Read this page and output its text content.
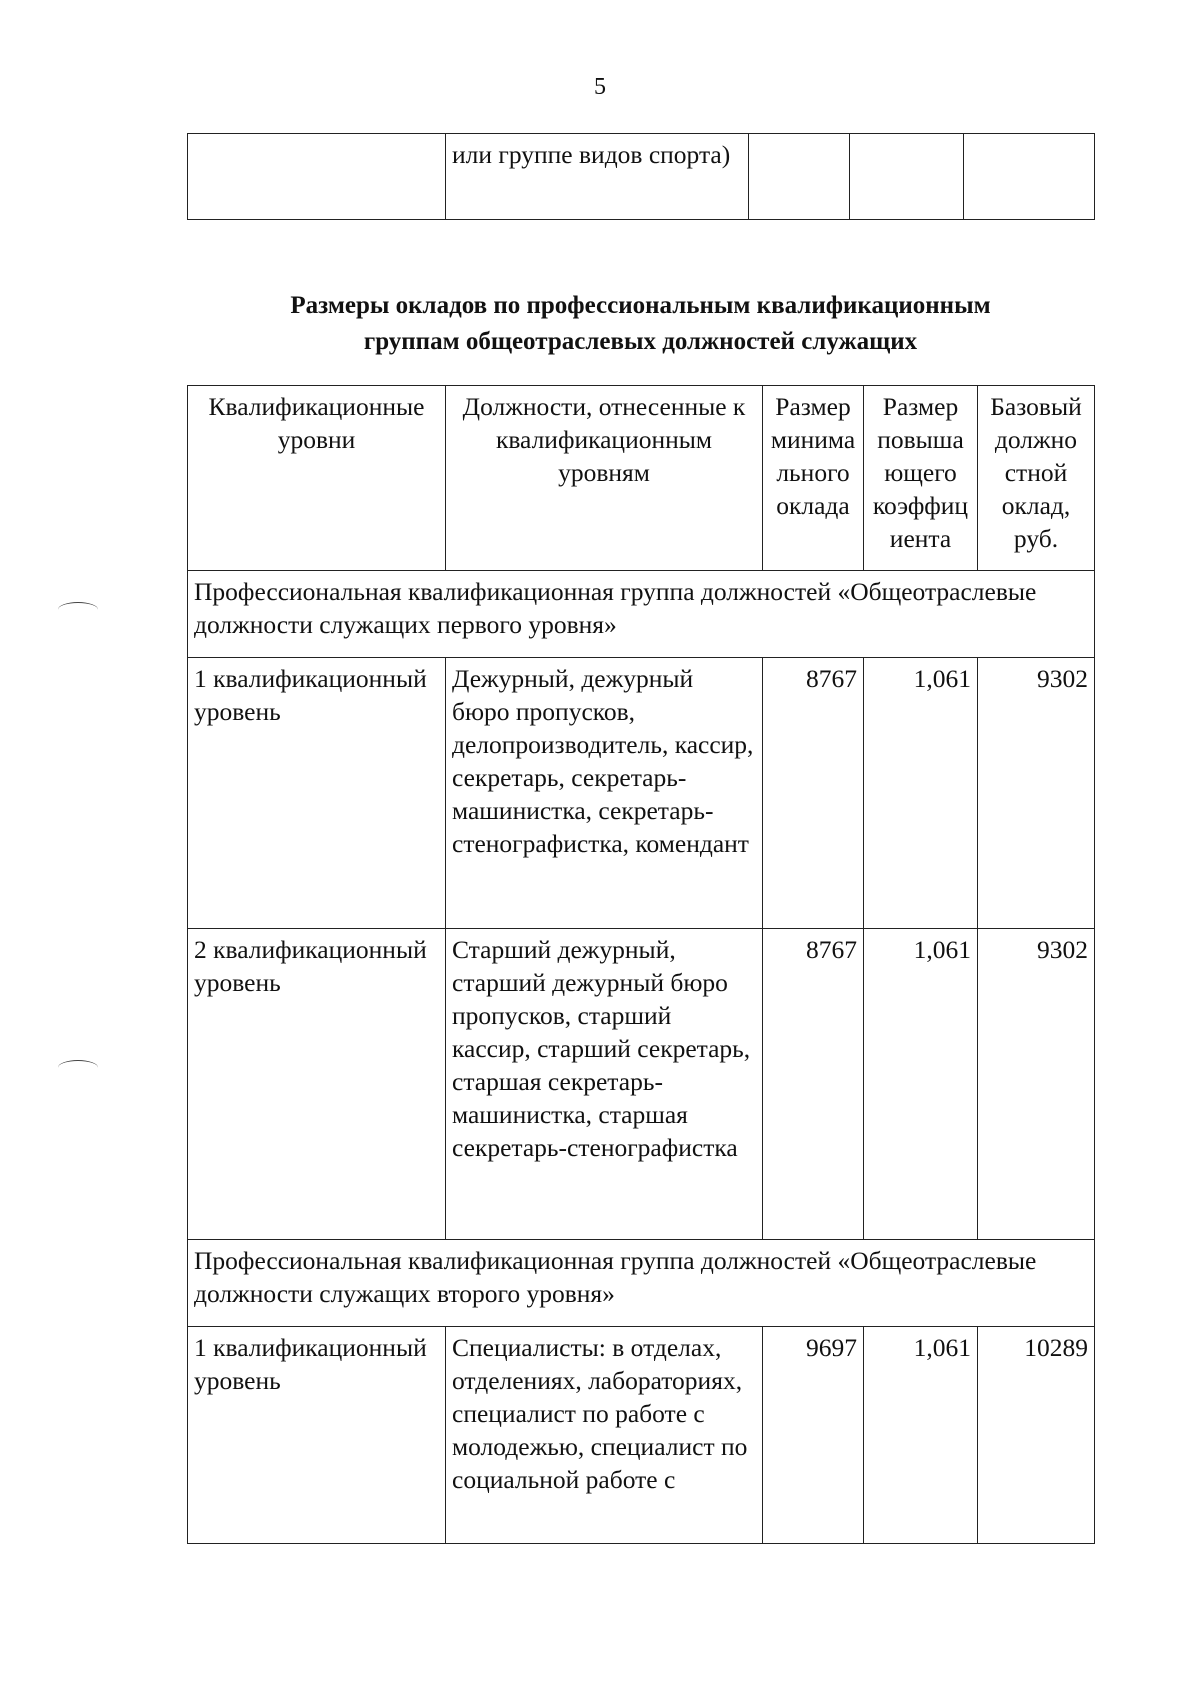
5
	или группе видов спорта)			
Размеры окладов по профессиональным квалификационным
группам общеотраслевых должностей служащих
Квалификационные уровни	Должности, отнесенные к квалификационным уровням	Размер минима льного оклада	Размер повыша ющего коэффиц иента	Базовый должно стной оклад, руб.
Профессиональная квалификационная группа должностей «Общеотраслевые должности служащих первого уровня»				
1 квалификационный уровень	Дежурный, дежурный бюро пропусков, делопроизводитель, кассир, секретарь, секретарь-машинистка, секретарь-стенографистка, комендант	8767	1,061	9302
2 квалификационный уровень	Старший дежурный, старший дежурный бюро пропусков, старший кассир, старший секретарь, старшая секретарь-машинистка, старшая секретарь-стенографистка	8767	1,061	9302
Профессиональная квалификационная группа должностей «Общеотраслевые должности служащих второго уровня»				
1 квалификационный уровень	Специалисты: в отделах, отделениях, лабораториях, специалист по работе с молодежью, специалист по социальной работе с	9697	1,061	10289
